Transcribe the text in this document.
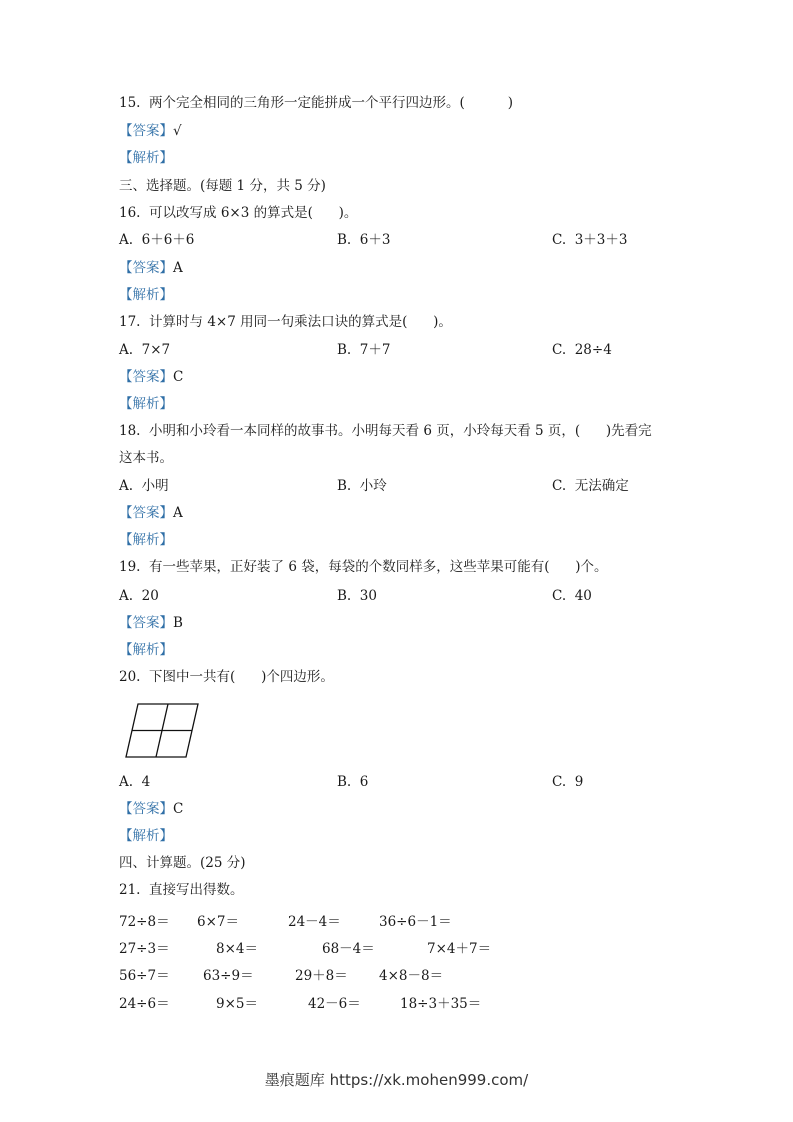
15.  两个完全相同的三角形一定能拼成一个平行四边形。(          )
【答案】√
【解析】
三、选择题。(每题 1 分，共 5 分)
16.  可以改写成 6×3 的算式是(      )。
A.  6＋6＋6	B.  6＋3	C.  3＋3＋3
【答案】A
【解析】
17.  计算时与 4×7 用同一句乘法口诀的算式是(      )。
A.  7×7	B.  7＋7	C.  28÷4
【答案】C
【解析】
18.  小明和小玲看一本同样的故事书。小明每天看 6 页，小玲每天看 5 页，(      )先看完
这本书。
A.  小明	B.  小玲	C.  无法确定
【答案】A
【解析】
19.  有一些苹果，正好装了 6 袋，每袋的个数同样多，这些苹果可能有(      )个。
A.  20	B.  30	C.  40
【答案】B
【解析】
20.  下图中一共有(      )个四边形。
A.  4	B.  6	C.  9
【答案】C
【解析】
四、计算题。(25 分)
21.  直接写出得数。
72÷8＝ 6×7＝	24－4＝	36÷6－1＝
27÷3＝	8×4＝	68－4＝	7×4＋7＝
56÷7＝ 63÷9＝	29＋8＝ 4×8－8＝
24÷6＝	9×5＝	42－6＝	18÷3＋35＝
墨痕题库 https://xk.mohen999.com/
